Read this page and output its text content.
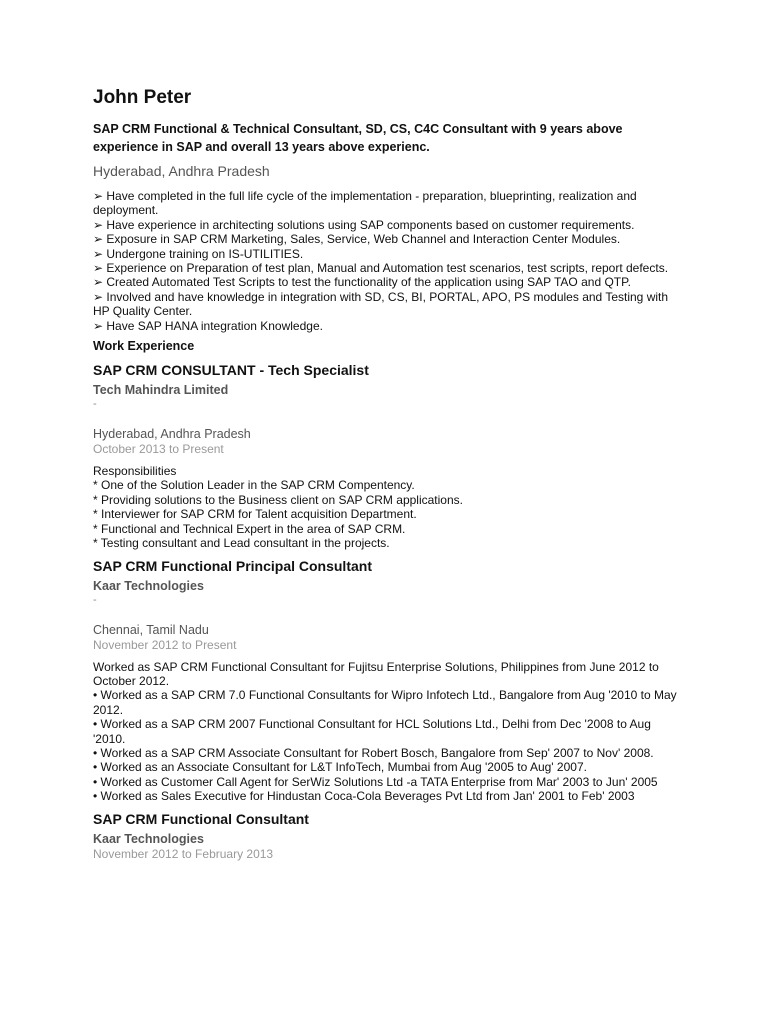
John Peter
SAP CRM Functional & Technical Consultant, SD, CS, C4C Consultant with 9 years above experience in SAP and overall 13 years above experienc.
Hyderabad, Andhra Pradesh
➢ Have completed in the full life cycle of the implementation - preparation, blueprinting, realization and deployment.
➢ Have experience in architecting solutions using SAP components based on customer requirements.
➢ Exposure in SAP CRM Marketing, Sales, Service, Web Channel and Interaction Center Modules.
➢ Undergone training on IS-UTILITIES.
➢ Experience on Preparation of test plan, Manual and Automation test scenarios, test scripts, report defects.
➢ Created Automated Test Scripts to test the functionality of the application using SAP TAO and QTP.
➢ Involved and have knowledge in integration with SD, CS, BI, PORTAL, APO, PS modules and Testing with HP Quality Center.
➢ Have SAP HANA integration Knowledge.
Work Experience
SAP CRM CONSULTANT - Tech Specialist
Tech Mahindra Limited
-
Hyderabad, Andhra Pradesh
October 2013 to Present
Responsibilities
* One of the Solution Leader in the SAP CRM Compentency.
* Providing solutions to the Business client on SAP CRM applications.
* Interviewer for SAP CRM for Talent acquisition Department.
* Functional and Technical Expert in the area of SAP CRM.
* Testing consultant and Lead consultant in the projects.
SAP CRM Functional Principal Consultant
Kaar Technologies
-
Chennai, Tamil Nadu
November 2012 to Present
Worked as SAP CRM Functional Consultant for Fujitsu Enterprise Solutions, Philippines from June 2012 to October 2012.
• Worked as a SAP CRM 7.0 Functional Consultants for Wipro Infotech Ltd., Bangalore from Aug '2010 to May 2012.
• Worked as a SAP CRM 2007 Functional Consultant for HCL Solutions Ltd., Delhi from Dec '2008 to Aug '2010.
• Worked as a SAP CRM Associate Consultant for Robert Bosch, Bangalore from Sep' 2007 to Nov' 2008.
• Worked as an Associate Consultant for L&T InfoTech, Mumbai from Aug '2005 to Aug' 2007.
• Worked as Customer Call Agent for SerWiz Solutions Ltd -a TATA Enterprise from Mar' 2003 to Jun' 2005
• Worked as Sales Executive for Hindustan Coca-Cola Beverages Pvt Ltd from Jan' 2001 to Feb' 2003
SAP CRM Functional Consultant
Kaar Technologies
November 2012 to February 2013
